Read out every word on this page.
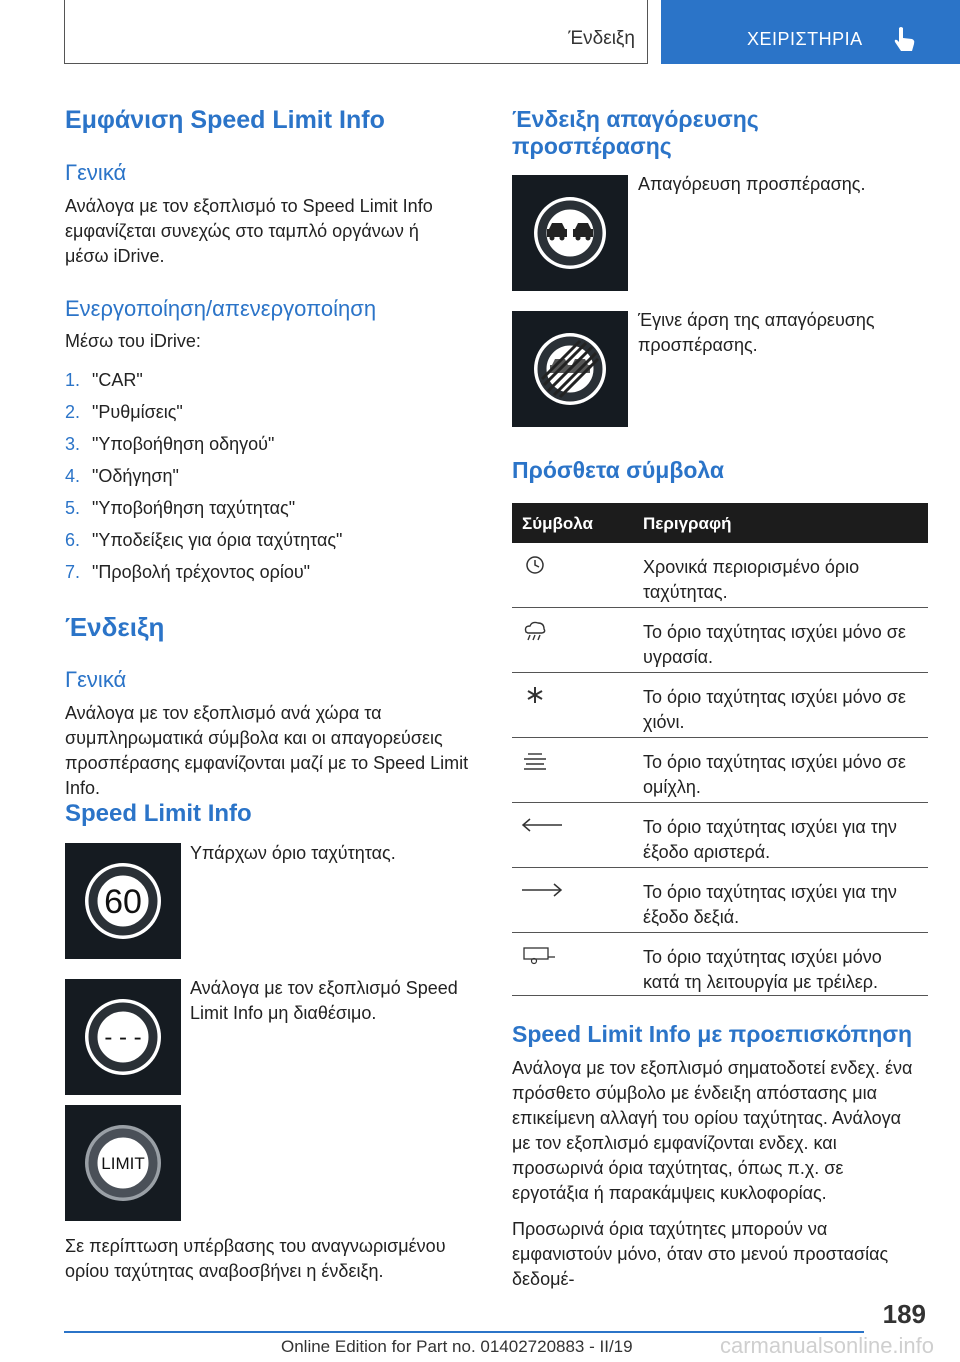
Ένδειξη	ΧΕΙΡΙΣΤΗΡΙΑ
Εμφάνιση Speed Limit Info
Γενικά
Ανάλογα με τον εξοπλισμό το Speed Limit Info εμφανίζεται συνεχώς στο ταμπλό οργάνων ή μέσω iDrive.
Ενεργοποίηση/απενεργοποίηση
Μέσω του iDrive:
1. "CAR"
2. "Ρυθμίσεις"
3. "Υποβοήθηση οδηγού"
4. "Οδήγηση"
5. "Υποβοήθηση ταχύτητας"
6. "Υποδείξεις για όρια ταχύτητας"
7. "Προβολή τρέχοντος ορίου"
Ένδειξη
Γενικά
Ανάλογα με τον εξοπλισμό ανά χώρα τα συμπληρωματικά σύμβολα και οι απαγορεύσεις προσπέρασης εμφανίζονται μαζί με το Speed Limit Info.
Speed Limit Info
60
Υπάρχων όριο ταχύτητας.
- - -
Ανάλογα με τον εξοπλισμό Speed Limit Info μη διαθέσιμο.
LIMIT
Σε περίπτωση υπέρβασης του αναγνωρισμένου ορίου ταχύτητας αναβοσβήνει η ένδειξη.
Ένδειξη απαγόρευσης προσπέρασης
Απαγόρευση προσπέρασης.
Έγινε άρση της απαγόρευσης προσπέρασης.
Πρόσθετα σύμβολα
Σύμβολα	Περιγραφή
Χρονικά περιορισμένο όριο ταχύτητας.
Το όριο ταχύτητας ισχύει μόνο σε υγρασία.
Το όριο ταχύτητας ισχύει μόνο σε χιόνι.
Το όριο ταχύτητας ισχύει μόνο σε ομίχλη.
Το όριο ταχύτητας ισχύει για την έξοδο αριστερά.
Το όριο ταχύτητας ισχύει για την έξοδο δεξιά.
Το όριο ταχύτητας ισχύει μόνο κατά τη λειτουργία με τρέιλερ.
Speed Limit Info με προεπισκόπηση
Ανάλογα με τον εξοπλισμό σηματοδοτεί ενδεχ. ένα πρόσθετο σύμβολο με ένδειξη απόστασης μια επικείμενη αλλαγή του ορίου ταχύτητας. Ανάλογα με τον εξοπλισμό εμφανίζονται ενδεχ. και προσωρινά όρια ταχύτητας, όπως π.χ. σε εργοτάξια ή παρακάμψεις κυκλοφορίας.
Προσωρινά όρια ταχύτητες μπορούν να εμφανιστούν μόνο, όταν στο μενού προστασίας δεδομέ-
189
Online Edition for Part no. 01402720883 - II/19	carmanualsonline.info
